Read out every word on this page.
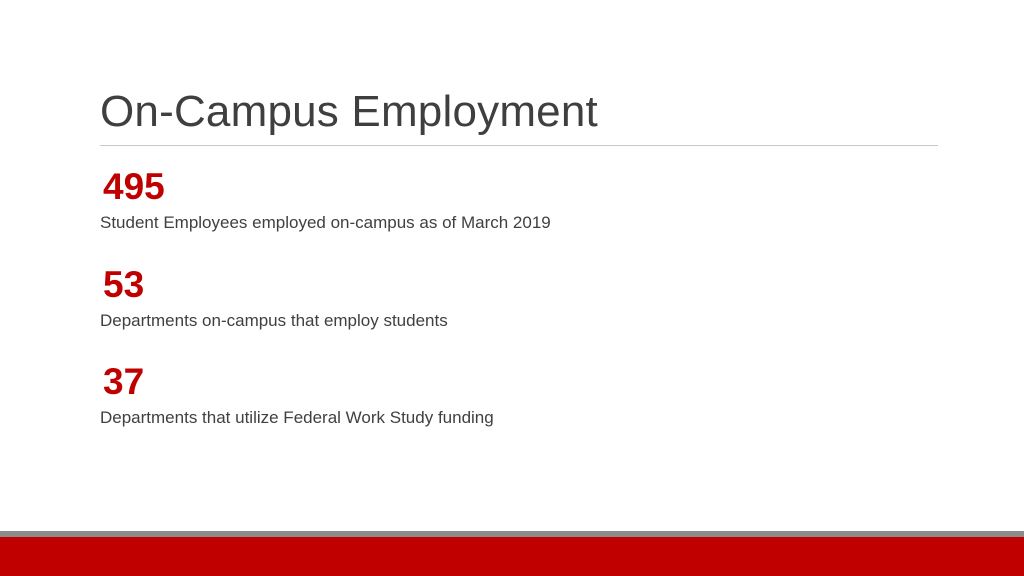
On-Campus Employment
495
Student Employees employed on-campus as of March 2019
53
Departments on-campus that employ students
37
Departments that utilize Federal Work Study funding
